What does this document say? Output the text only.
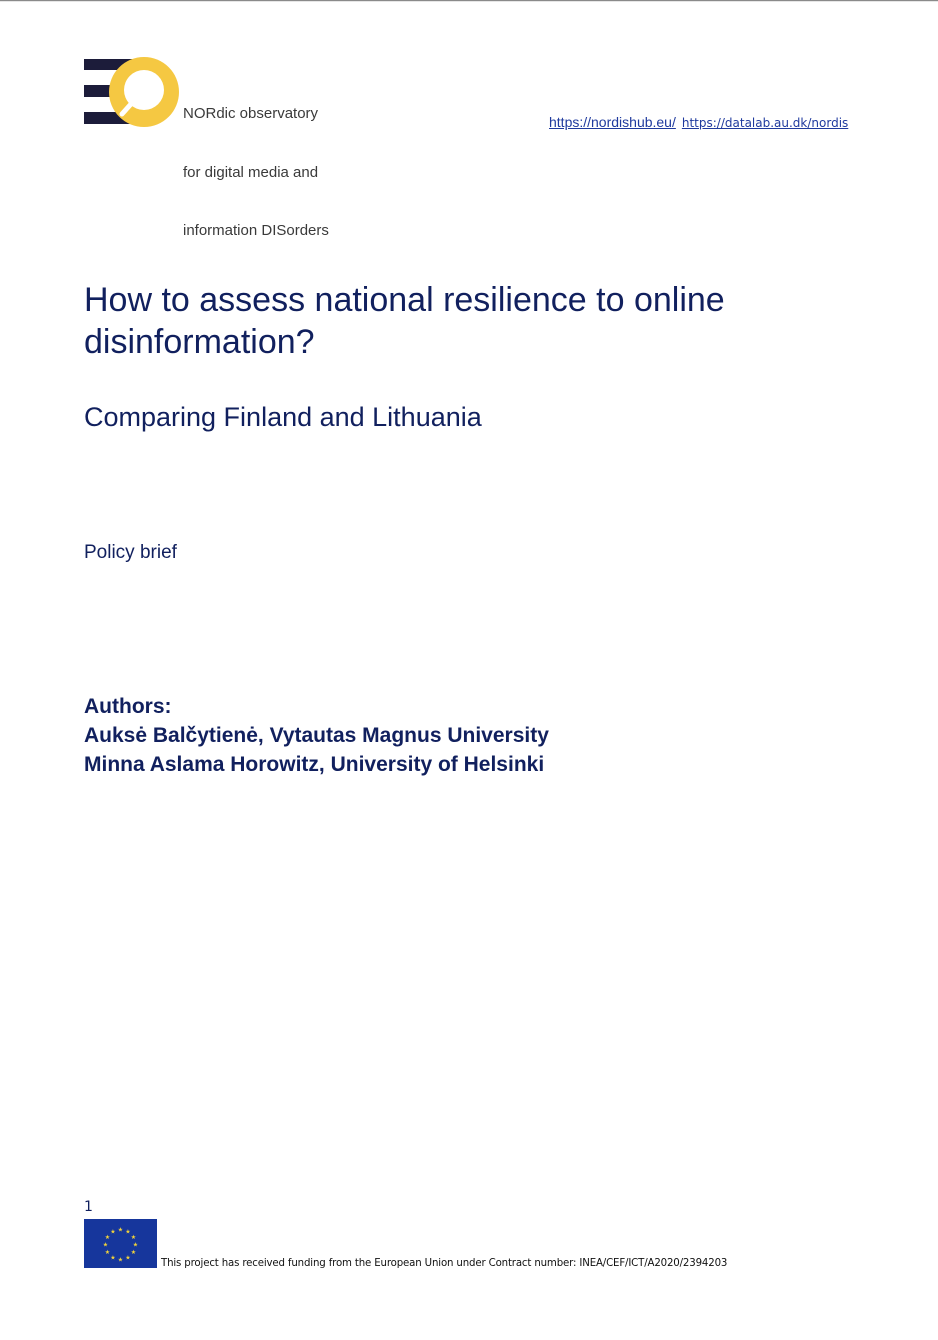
NORdic observatory

for digital media and

information DISorders

https://nordishub.eu/ https://datalab.au.dk/nordis
How to assess national resilience to online disinformation?
Comparing Finland and Lithuania
Policy brief
Authors:
Auksė Balčytienė, Vytautas Magnus University
Minna Aslama Horowitz, University of Helsinki
1
★ ★
★
★
★
★
★
★
★
★
★
★
This project has received funding from the European Union under Contract number: INEA/CEF/ICT/A2020/2394203
